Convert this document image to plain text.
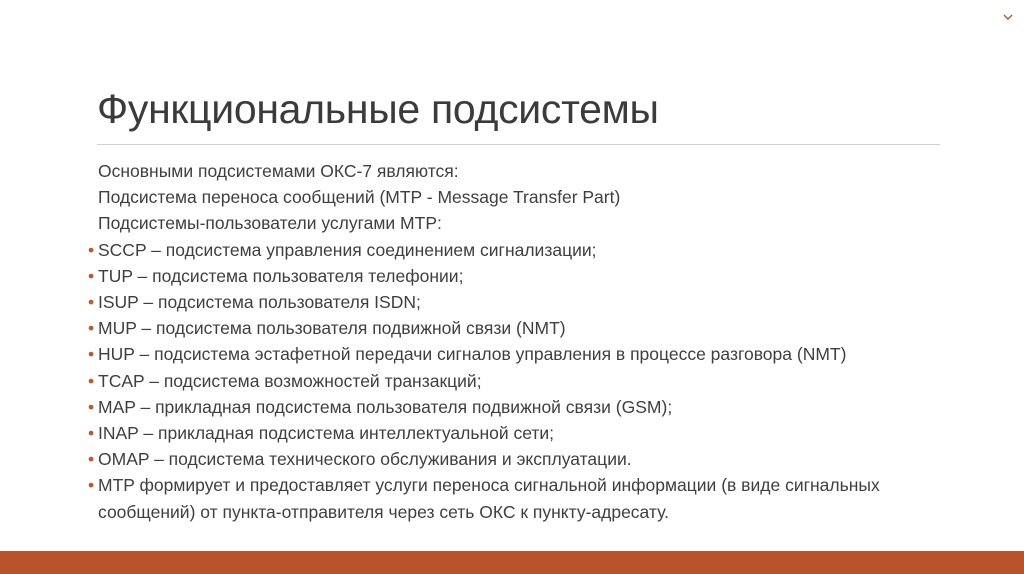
Функциональные подсистемы
Основными подсистемами ОКС-7 являются:
Подсистема переноса сообщений (MTP - Message Transfer Part)
Подсистемы-пользователи услугами MTP:
• SCCP – подсистема управления соединением сигнализации;
• TUP – подсистема пользователя телефонии;
• ISUP – подсистема пользователя ISDN;
• MUP – подсистема пользователя подвижной связи (NMT)
• HUP – подсистема эстафетной передачи сигналов управления в процессе разговора (NMT)
• TCAP – подсистема возможностей транзакций;
• MAP – прикладная подсистема пользователя подвижной связи (GSM);
• INAP – прикладная подсистема интеллектуальной сети;
• OMAP – подсистема технического обслуживания и эксплуатации.
• MTP формирует и предоставляет услуги переноса сигнальной информации (в виде сигнальных сообщений) от пункта-отправителя через сеть ОКС к пункту-адресату.
